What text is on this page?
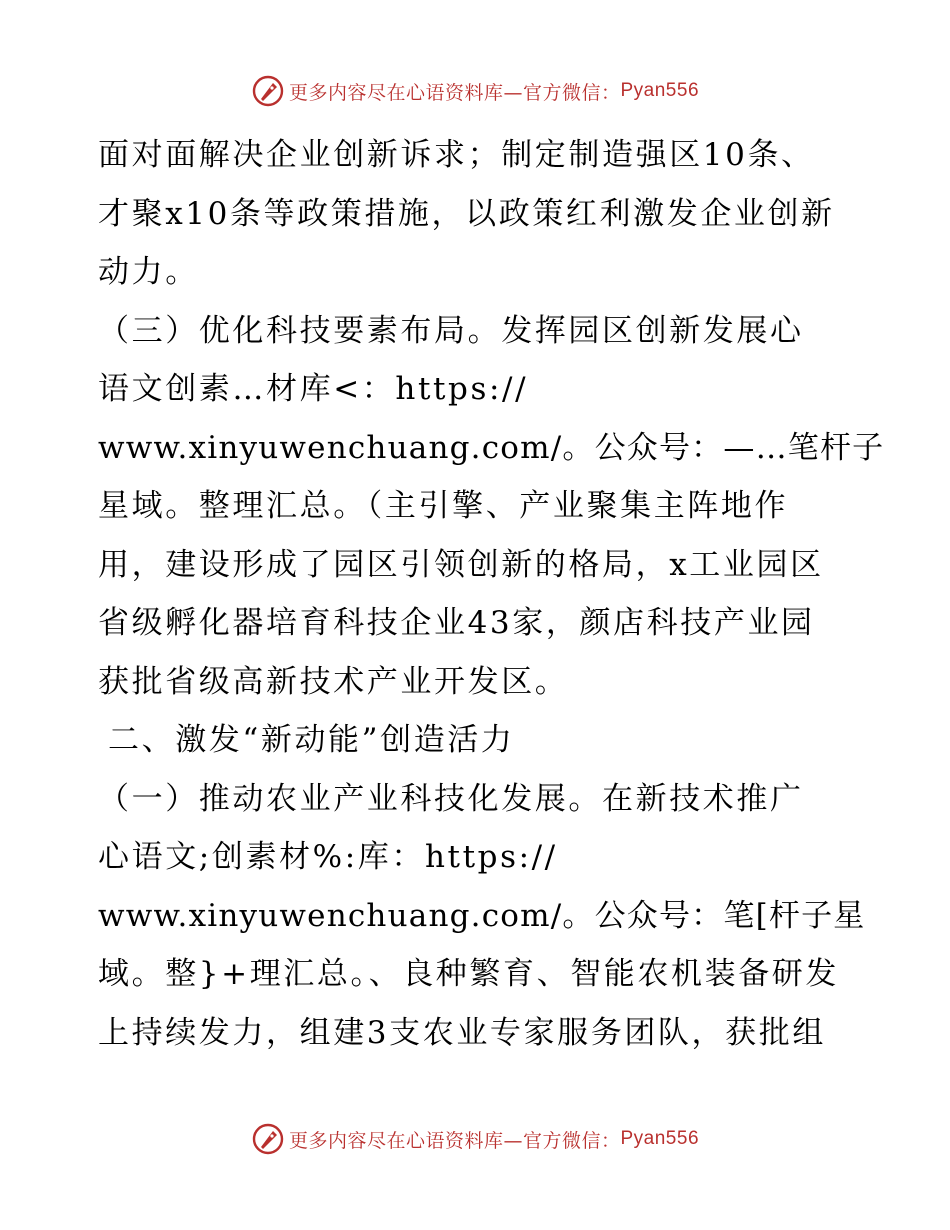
更多内容尽在心语资料库—官方微信： Pyan556
面对面解决企业创新诉求；制定制造强区10条、
才聚x10条等政策措施，以政策红利激发企业创新
动力。
（三）优化科技要素布局。发挥园区创新发展心
语文创素…材库<：https://
www.xinyuwenchuang.com/。公众号：—…笔杆子
星域。整理汇总。（主引擎、产业聚集主阵地作
用，建设形成了园区引领创新的格局，x工业园区
省级孵化器培育科技企业43家，颜店科技产业园
获批省级高新技术产业开发区。
二、激发“新动能”创造活力
（一）推动农业产业科技化发展。在新技术推广
心语文;创素材%:库：https://
www.xinyuwenchuang.com/。公众号：笔[杆子星
域。整}+理汇总。、良种繁育、智能农机装备研发
上持续发力，组建3支农业专家服务团队，获批组
更多内容尽在心语资料库—官方微信： Pyan556
